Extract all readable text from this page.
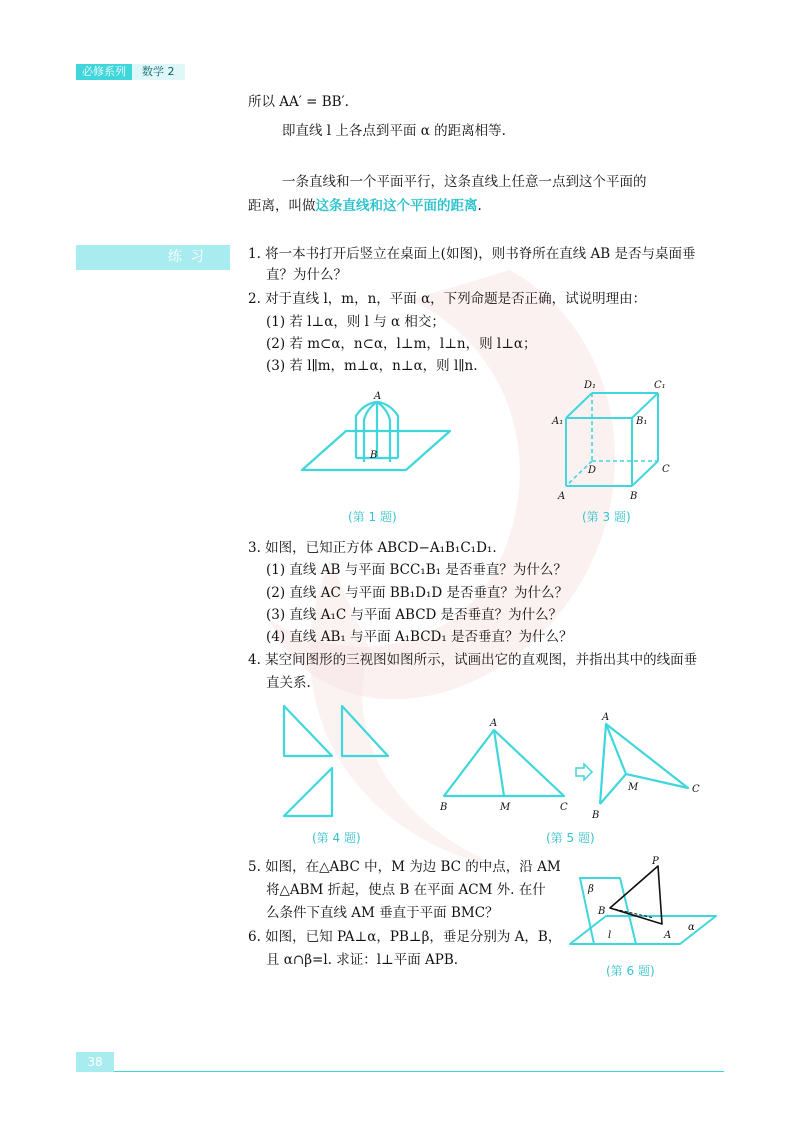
必修系列	数学 2
所以 AA′ = BB′.
即直线 l 上各点到平面 α 的距离相等.
一条直线和一个平面平行，这条直线上任意一点到这个平面的
距离，叫做这条直线和这个平面的距离.
练习	1. 将一本书打开后竖立在桌面上(如图)，则书脊所在直线 AB 是否与桌面垂
直？为什么？
2. 对于直线 l，m，n，平面 α，下列命题是否正确，试说明理由：
(1) 若 l⊥α，则 l 与 α 相交；
(2) 若 m⊂α，n⊂α，l⊥m，l⊥n，则 l⊥α；
(3) 若 l∥m，m⊥α，n⊥α，则 l∥n.
A
B
(第 1 题)
D₁	C₁
A₁	B₁
D	C
A	B
(第 3 题)
3. 如图，已知正方体 ABCD−A₁B₁C₁D₁.
(1) 直线 AB 与平面 BCC₁B₁ 是否垂直？为什么？
(2) 直线 AC 与平面 BB₁D₁D 是否垂直？为什么？
(3) 直线 A₁C 与平面 ABCD 是否垂直？为什么？
(4) 直线 AB₁ 与平面 A₁BCD₁ 是否垂直？为什么？
4. 某空间图形的三视图如图所示，试画出它的直观图，并指出其中的线面垂
直关系.
(第 4 题)
A
B	M	C
A
M	C
B
(第 5 题)
5. 如图，在△ABC 中，M 为边 BC 的中点，沿 AM
将△ABM 折起，使点 B 在平面 ACM 外. 在什
么条件下直线 AM 垂直于平面 BMC？
6. 如图，已知 PA⊥α，PB⊥β，垂足分别为 A，B，
且 α∩β=l. 求证：l⊥平面 APB.
P
β
B
α
l	A
(第 6 题)
38
